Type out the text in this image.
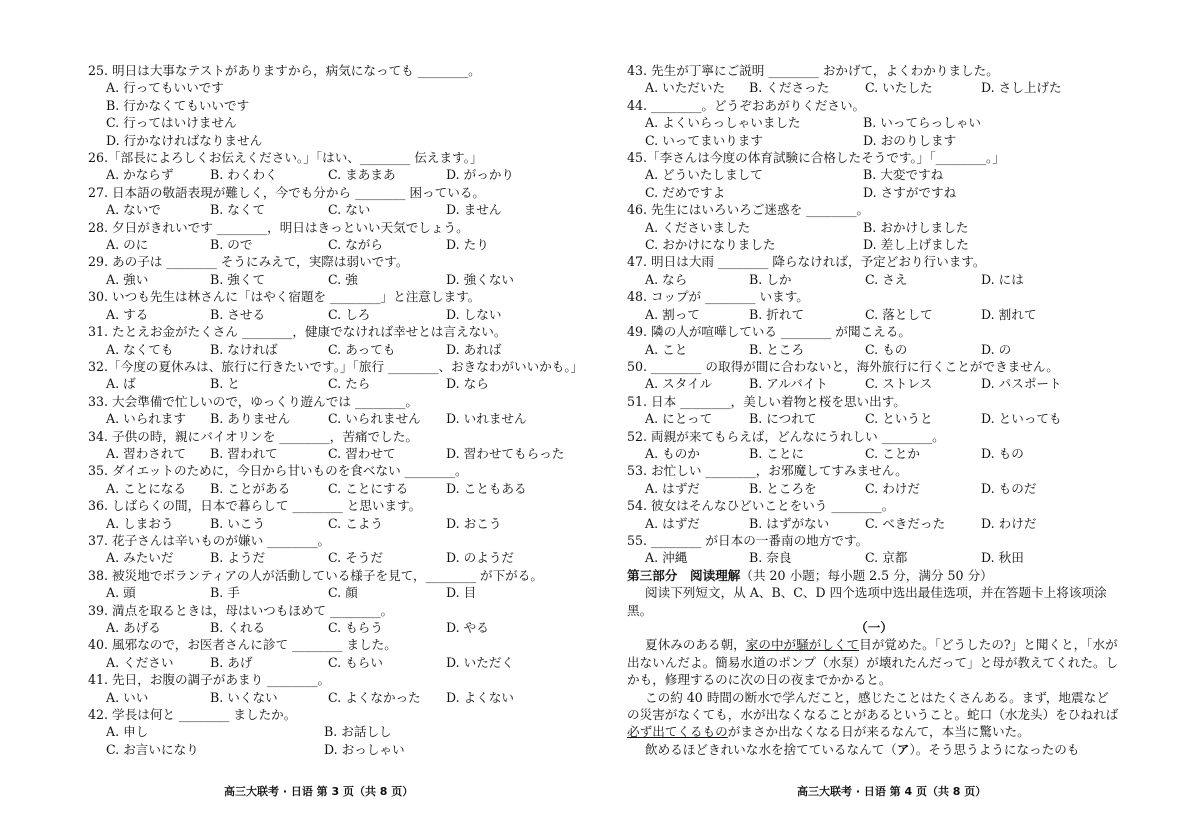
25. 明日は大事なテストがありますから，病気になっても ________。
A. 行ってもいいです
B. 行かなくてもいいです
C. 行ってはいけません
D. 行かなければなりません
26.「部長によろしくお伝えください。」「はい、________ 伝えます。」
A. かならず	B. わくわく	C. まあまあ	D. がっかり
27. 日本語の敬語表現が難しく，今でも分から ________ 困っている。
A. ないで	B. なくて	C. ない	D. ません
28. 夕日がきれいです ________，明日はきっといい天気でしょう。
A. のに	B. ので	C. ながら	D. たり
29. あの子は ________ そうにみえて，実際は弱いです。
A. 強い	B. 強くて	C. 強	D. 強くない
30. いつも先生は林さんに「はやく宿題を ________」と注意します。
A. する	B. させる	C. しろ	D. しない
31. たとえお金がたくさん ________，健康でなければ幸せとは言えない。
A. なくても	B. なければ	C. あっても	D. あれば
32.「今度の夏休みは、旅行に行きたいです。」「旅行 ________、おきなわがいいかも。」
A. ば	B. と	C. たら	D. なら
33. 大会準備で忙しいので，ゆっくり遊んでは ________。
A. いられます	B. ありません	C. いられません	D. いれません
34. 子供の時，親にバイオリンを ________，苦痛でした。
A. 習わされて	B. 習われて	C. 習わせて	D. 習わせてもらった
35. ダイエットのために，今日から甘いものを食べない ________。
A. ことになる	B. ことがある	C. ことにする	D. こともある
36. しばらくの間，日本で暮らして ________ と思います。
A. しまおう	B. いこう	C. こよう	D. おこう
37. 花子さんは辛いものが嫌い ________。
A. みたいだ	B. ようだ	C. そうだ	D. のようだ
38. 被災地でボランティアの人が活動している様子を見て，________ が下がる。
A. 頭	B. 手	C. 顔	D. 目
39. 満点を取るときは，母はいつもほめて ________。
A. あげる	B. くれる	C. もらう	D. やる
40. 風邪なので，お医者さんに診て ________ ました。
A. ください	B. あげ	C. もらい	D. いただく
41. 先日，お腹の調子があまり ________。
A. いい	B. いくない	C. よくなかった	D. よくない
42. 学長は何と ________ ましたか。
A. 申し	B. お話しし
C. お言いになり	D. おっしゃい
高三大联考 · 日语 第 3 页（共 8 页）
43. 先生が丁寧にご説明 ________ おかげて，よくわかりました。
A. いただいた	B. くださった	C. いたした	D. さし上げた
44. ________。どうぞおあがりください。
A. よくいらっしゃいました	B. いってらっしゃい
C. いってまいります	D. おのりします
45.「李さんは今度の体育試験に合格したそうです。」「________。」
A. どういたしまして	B. 大変ですね
C. だめですよ	D. さすがですね
46. 先生にはいろいろご迷惑を ________。
A. くださいました	B. おかけしました
C. おかけになりました	D. 差し上げました
47. 明日は大雨 ________ 降らなければ，予定どおり行います。
A. なら	B. しか	C. さえ	D. には
48. コップが ________ います。
A. 割って	B. 折れて	C. 落として	D. 割れて
49. 隣の人が喧嘩している ________ が聞こえる。
A. こと	B. ところ	C. もの	D. の
50. ________ の取得が間に合わないと，海外旅行に行くことができません。
A. スタイル	B. アルバイト	C. ストレス	D. パスポート
51. 日本 ________，美しい着物と桜を思い出す。
A. にとって	B. につれて	C. というと	D. といっても
52. 両親が来てもらえば，どんなにうれしい ________。
A. ものか	B. ことに	C. ことか	D. もの
53. お忙しい ________，お邪魔してすみません。
A. はずだ	B. ところを	C. わけだ	D. ものだ
54. 彼女はそんなひどいことをいう ________。
A. はずだ	B. はずがない	C. べきだった	D. わけだ
55. ________ が日本の一番南の地方です。
A. 沖縄	B. 奈良	C. 京都	D. 秋田
第三部分　阅读理解（共 20 小题；每小题 2.5 分，满分 50 分）
阅读下列短文，从 A、B、C、D 四个选项中选出最佳选项，并在答题卡上将该项涂黑。
（一）
夏休みのある朝，家の中が騒がしくて目が覚めた。「どうしたの?」と聞くと，「水が出ないんだよ。簡易水道のポンプ（水泵）が壊れたんだって」と母が教えてくれた。しかも，修理するのに次の日の夜までかかると。
この約 40 時間の断水で学んだこと，感じたことはたくさんある。まず，地震などの災害がなくても，水が出なくなることがあるということ。蛇口（水龙头）をひねれば必ず出てくるものがまさか出なくなる日が来るなんて，本当に驚いた。
飲めるほどきれいな水を捨てているなんて（ア）。そう思うようになったのも
高三大联考 · 日语 第 4 页（共 8 页）
